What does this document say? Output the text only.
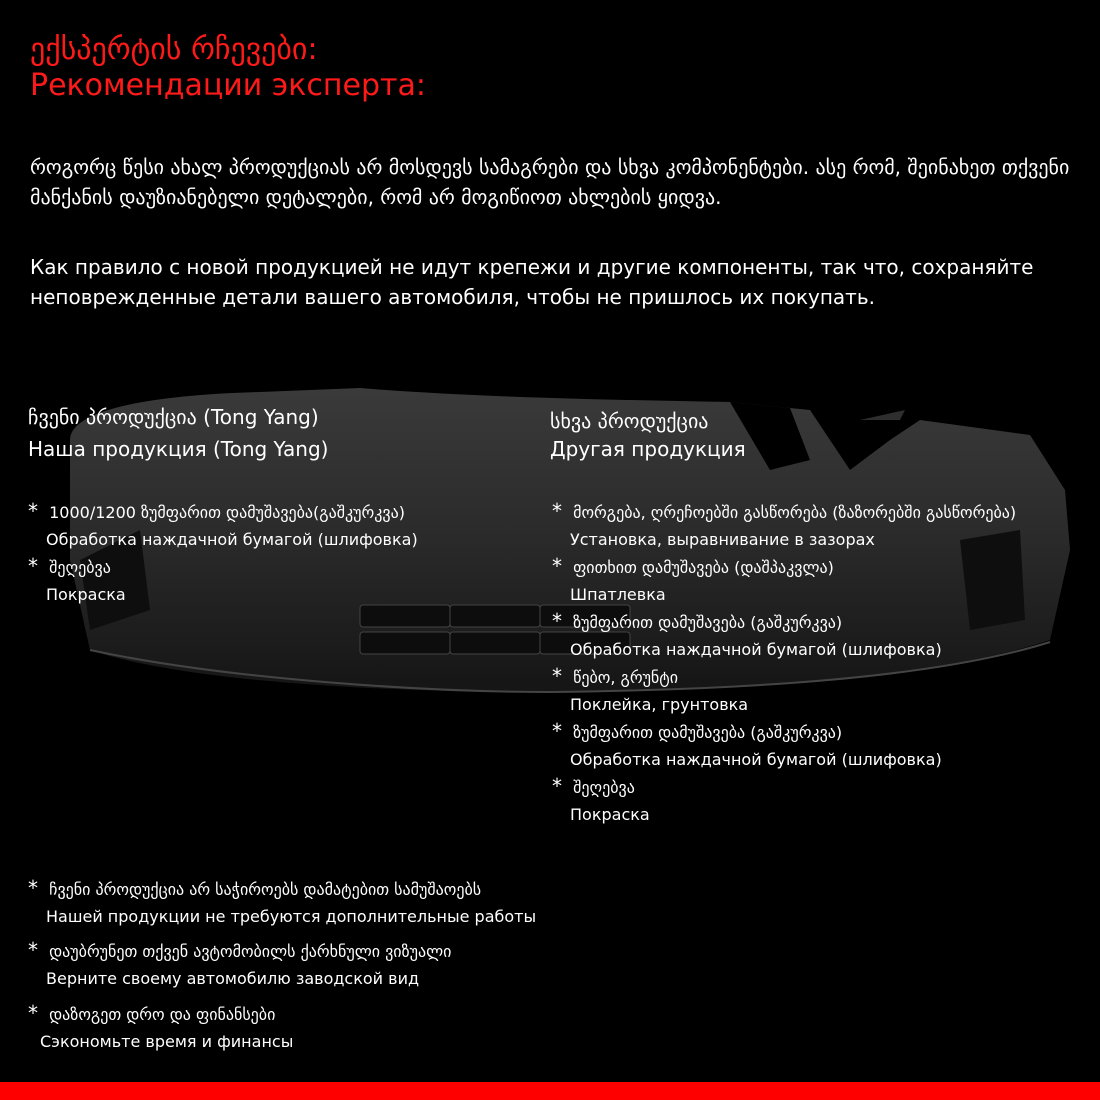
ექსპერტის რჩევები:
Рекомендации эксперта:
როგორც წესი ახალ პროდუქციას არ მოსდევს სამაგრები და სხვა კომპონენტები. ასე რომ, შეინახეთ თქვენი მანქანის დაუზიანებელი დეტალები, რომ არ მოგიწიოთ ახლების ყიდვა.
Как правило с новой продукцией не идут крепежи и другие компоненты, так что, сохраняйте неповрежденные детали вашего автомобиля, чтобы не пришлось их покупать.
ჩვენი პროდუქცია (Tong Yang)
Наша продукция (Tong Yang)
* 1000/1200 ზუმფარით დამუშავება(გაშკურკვა)
Обработка наждачной бумагой (шлифовка)
* შეღებვა
Покраска
სხვა პროდუქცია
Другая продукция
* მორგება, ღრეჩოებში გასწორება (ზაზორებში გასწორება)
Установка, выравнивание в зазорах
* ფითხით დამუშავება (დაშპაკვლა)
Шпатлевка
* ზუმფარით დამუშავება (გაშკურკვა)
Обработка наждачной бумагой (шлифовка)
* წებო, გრუნტი
Поклейка, грунтовка
* ზუმფარით დამუშავება (გაშკურკვა)
Обработка наждачной бумагой (шлифовка)
* შეღებვა
Покраска
* ჩვენი პროდუქცია არ საჭიროებს დამატებით სამუშაოებს
Нашей продукции не требуются дополнительные работы
* დაუბრუნეთ თქვენ ავტომობილს ქარხნული ვიზუალი
Верните своему автомобилю заводской вид
* დაზოგეთ დრო და ფინანსები
Сэкономьте время и финансы
